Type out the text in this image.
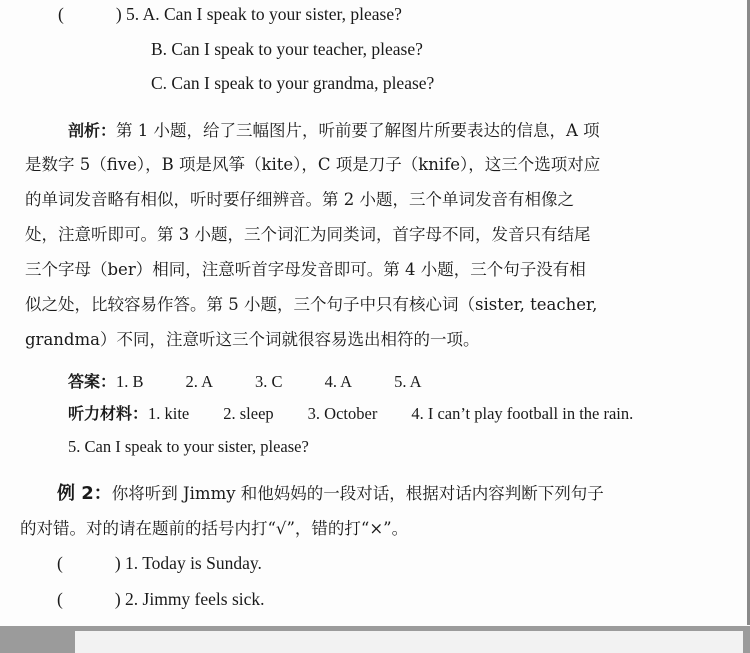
(	) 5. A. Can I speak to your sister, please?
B. Can I speak to your teacher, please?
C. Can I speak to your grandma, please?
剖析：第 1 小题，给了三幅图片，听前要了解图片所要表达的信息，A 项
是数字 5（five），B 项是风筝（kite），C 项是刀子（knife），这三个选项对应
的单词发音略有相似，听时要仔细辨音。第 2 小题，三个单词发音有相像之
处，注意听即可。第 3 小题，三个词汇为同类词，首字母不同，发音只有结尾
三个字母（ber）相同，注意听首字母发音即可。第 4 小题，三个句子没有相
似之处，比较容易作答。第 5 小题，三个句子中只有核心词（sister, teacher,
grandma）不同，注意听这三个词就很容易选出相符的一项。
答案：1. B	2. A	3. C	4. A	5. A
听力材料：1. kite 2. sleep 3. October 4. I can’t play football in the rain.
5. Can I speak to your sister, please?
例 2：你将听到 Jimmy 和他妈妈的一段对话，根据对话内容判断下列句子
的对错。对的请在题前的括号内打“√”，错的打“×”。
(	) 1. Today is Sunday.
(	) 2. Jimmy feels sick.
